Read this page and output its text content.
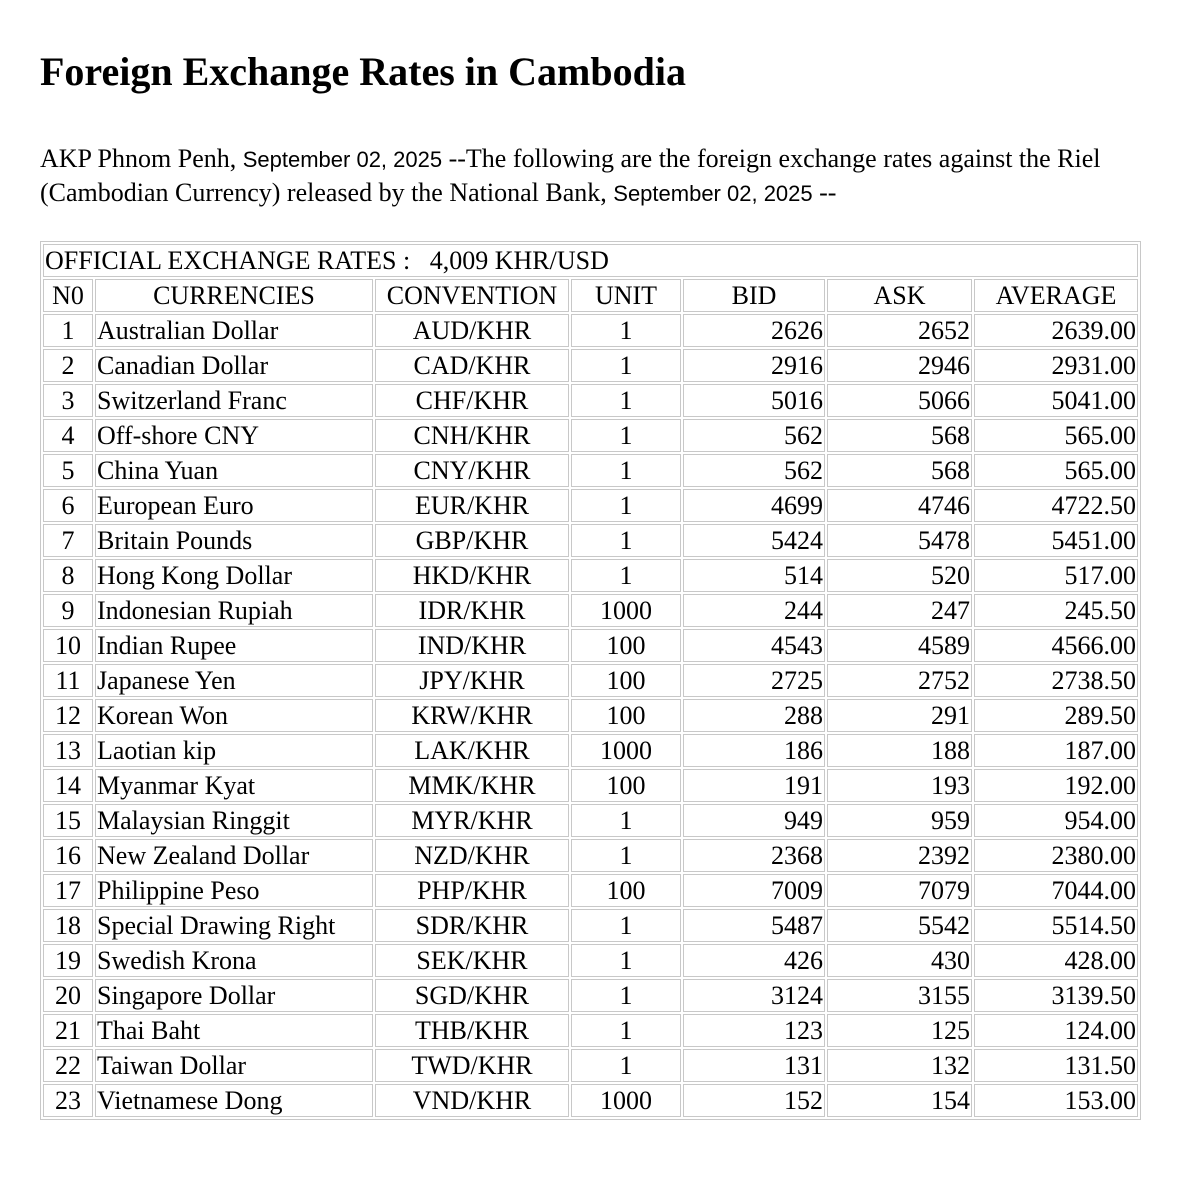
Foreign Exchange Rates in Cambodia

AKP Phnom Penh, September 02, 2025 --The following are the foreign exchange rates against the Riel (Cambodian Currency) released by the National Bank, September 02, 2025 --

OFFICIAL EXCHANGE RATES : 4,009 KHR/USD						
N0	CURRENCIES	CONVENTION	UNIT	BID	ASK	AVERAGE
1	Australian Dollar	AUD/KHR	1	2626	2652	2639.00
2	Canadian Dollar	CAD/KHR	1	2916	2946	2931.00
3	Switzerland Franc	CHF/KHR	1	5016	5066	5041.00
4	Off-shore CNY	CNH/KHR	1	562	568	565.00
5	China Yuan	CNY/KHR	1	562	568	565.00
6	European Euro	EUR/KHR	1	4699	4746	4722.50
7	Britain Pounds	GBP/KHR	1	5424	5478	5451.00
8	Hong Kong Dollar	HKD/KHR	1	514	520	517.00
9	Indonesian Rupiah	IDR/KHR	1000	244	247	245.50
10	Indian Rupee	IND/KHR	100	4543	4589	4566.00
11	Japanese Yen	JPY/KHR	100	2725	2752	2738.50
12	Korean Won	KRW/KHR	100	288	291	289.50
13	Laotian kip	LAK/KHR	1000	186	188	187.00
14	Myanmar Kyat	MMK/KHR	100	191	193	192.00
15	Malaysian Ringgit	MYR/KHR	1	949	959	954.00
16	New Zealand Dollar	NZD/KHR	1	2368	2392	2380.00
17	Philippine Peso	PHP/KHR	100	7009	7079	7044.00
18	Special Drawing Right	SDR/KHR	1	5487	5542	5514.50
19	Swedish Krona	SEK/KHR	1	426	430	428.00
20	Singapore Dollar	SGD/KHR	1	3124	3155	3139.50
21	Thai Baht	THB/KHR	1	123	125	124.00
22	Taiwan Dollar	TWD/KHR	1	131	132	131.50
23	Vietnamese Dong	VND/KHR	1000	152	154	153.00
